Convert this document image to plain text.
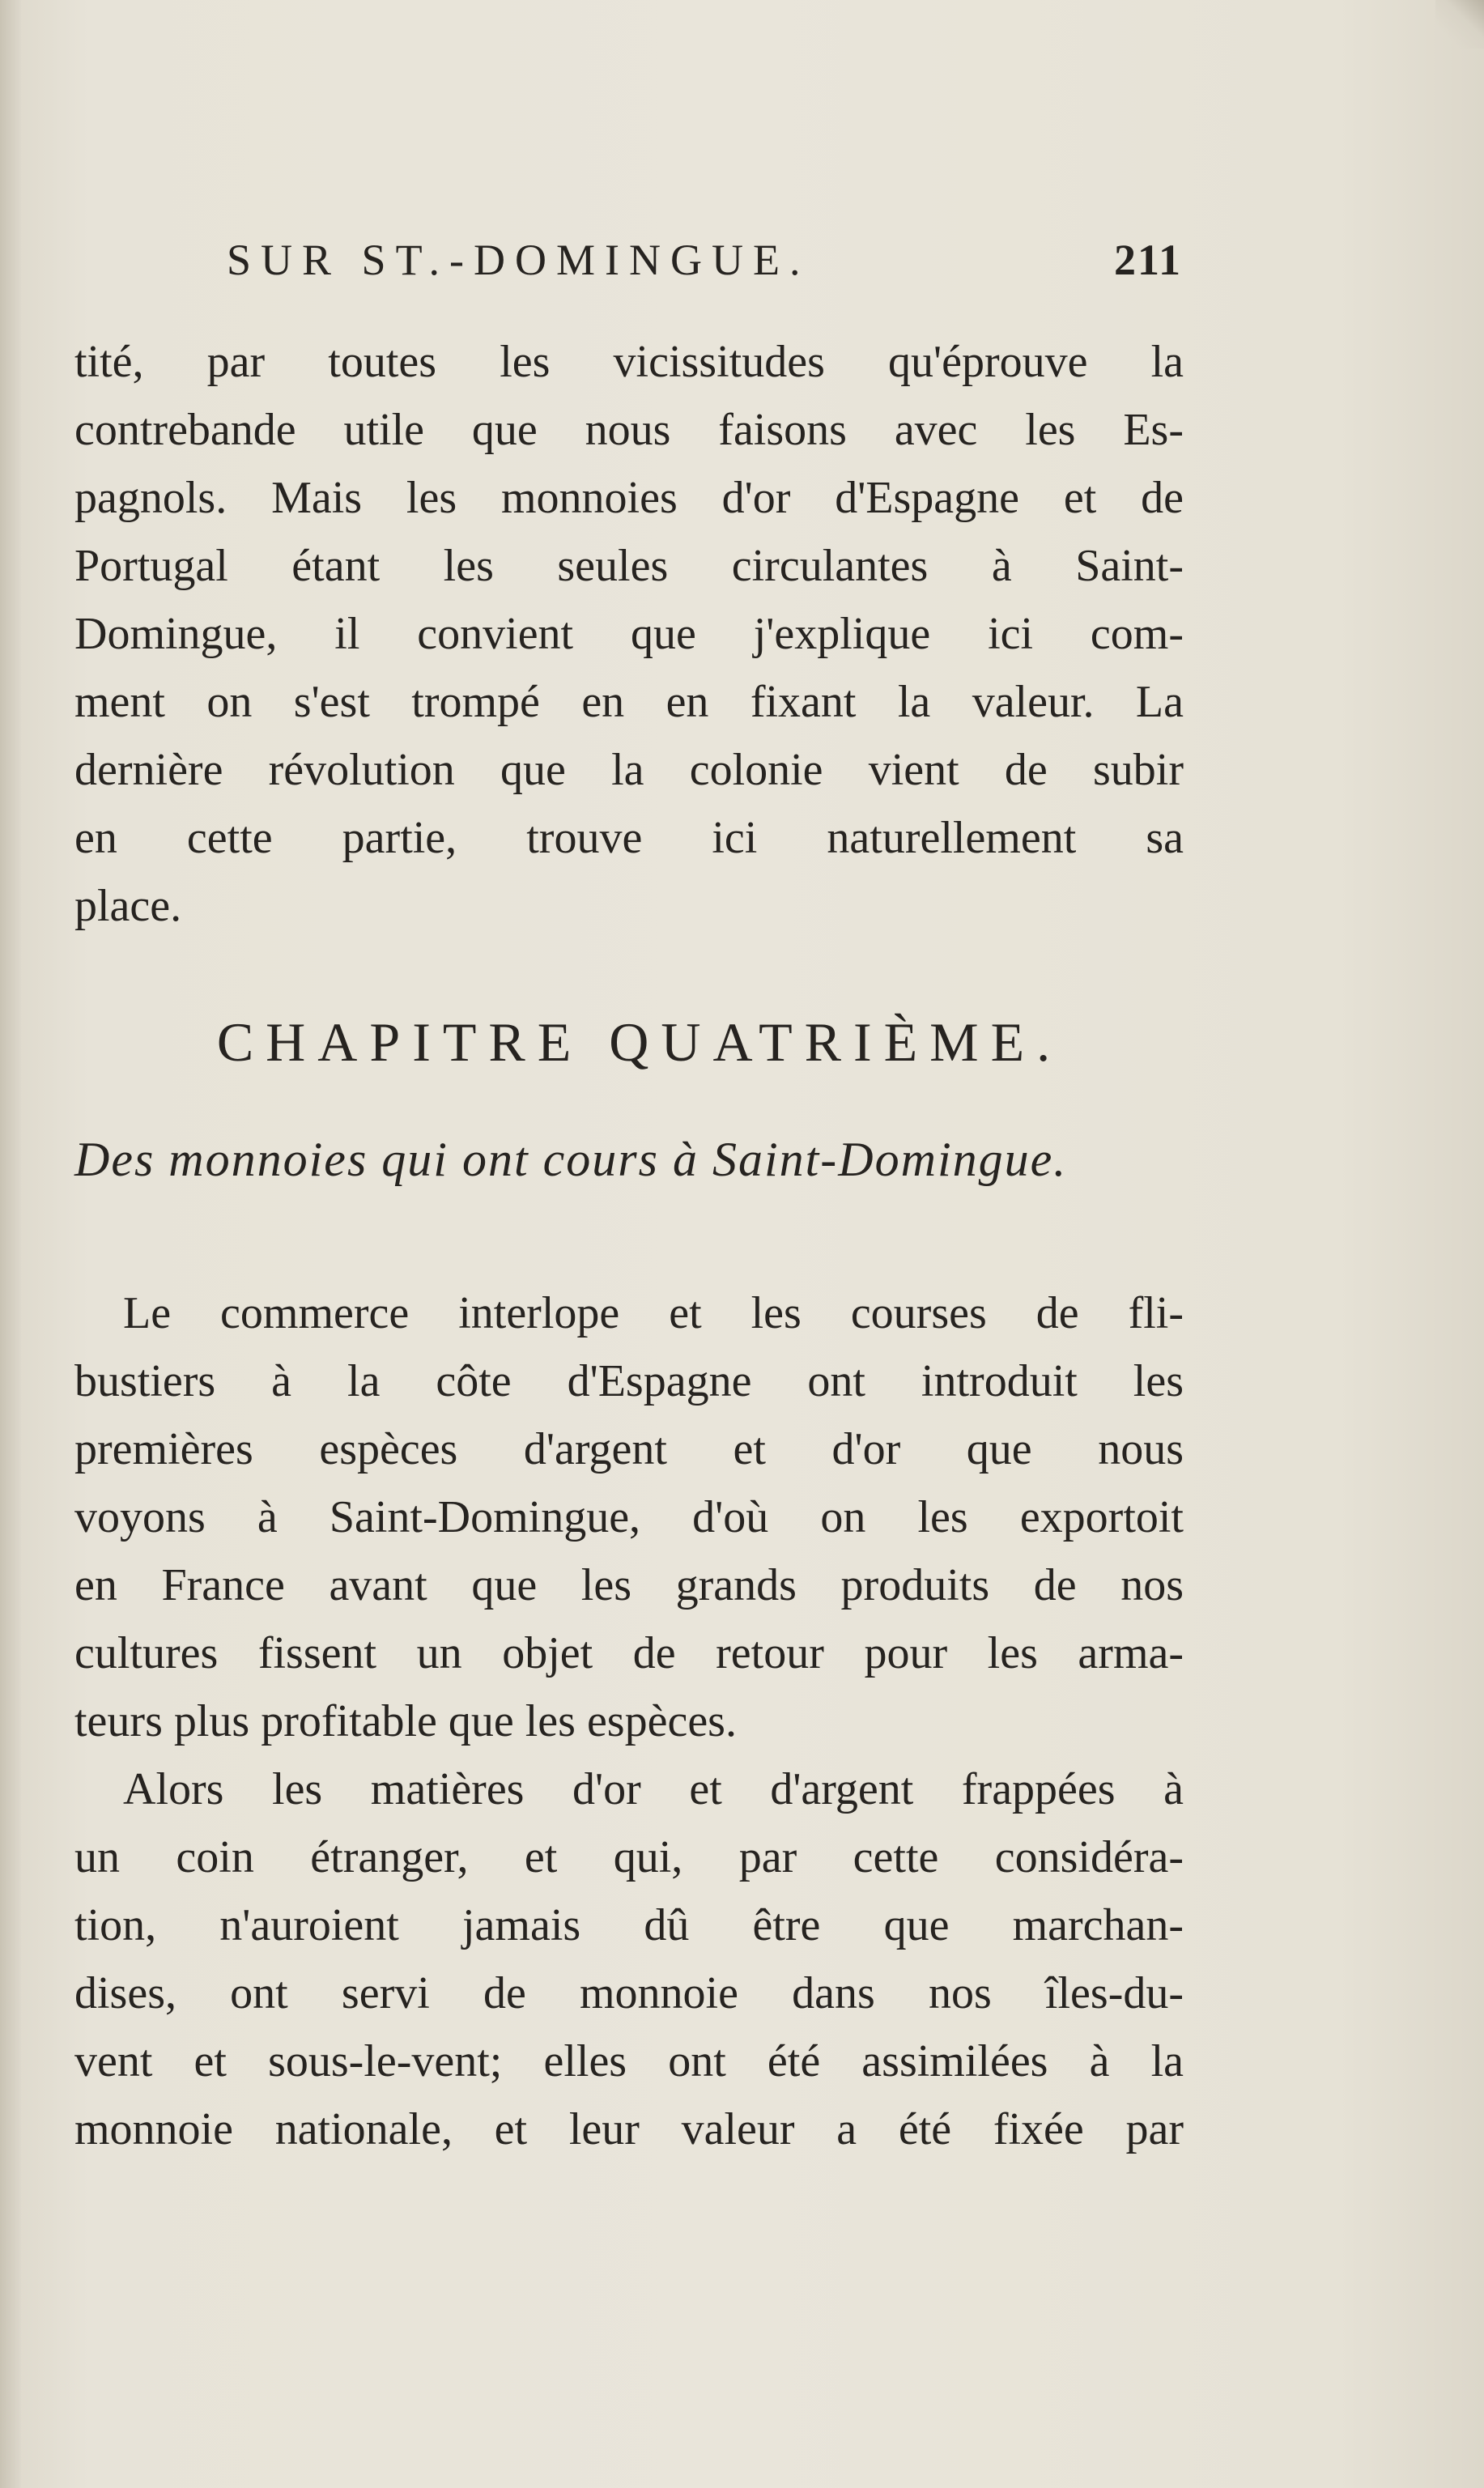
SUR ST.-DOMINGUE.	211
tité, par toutes les vicissitudes qu'éprouve la
contrebande utile que nous faisons avec les Es-
pagnols. Mais les monnoies d'or d'Espagne et de
Portugal étant les seules circulantes à Saint-
Domingue, il convient que j'explique ici com-
ment on s'est trompé en en fixant la valeur. La
dernière révolution que la colonie vient de subir
en cette partie, trouve ici naturellement sa
place.
CHAPITRE QUATRIÈME.
Des monnoies qui ont cours à Saint-Domingue.
Le commerce interlope et les courses de fli-
bustiers à la côte d'Espagne ont introduit les
premières espèces d'argent et d'or que nous
voyons à Saint-Domingue, d'où on les exportoit
en France avant que les grands produits de nos
cultures fissent un objet de retour pour les arma-
teurs plus profitable que les espèces.
Alors les matières d'or et d'argent frappées à
un coin étranger, et qui, par cette considéra-
tion, n'auroient jamais dû être que marchan-
dises, ont servi de monnoie dans nos îles-du-
vent et sous-le-vent; elles ont été assimilées à la
monnoie nationale, et leur valeur a été fixée par
